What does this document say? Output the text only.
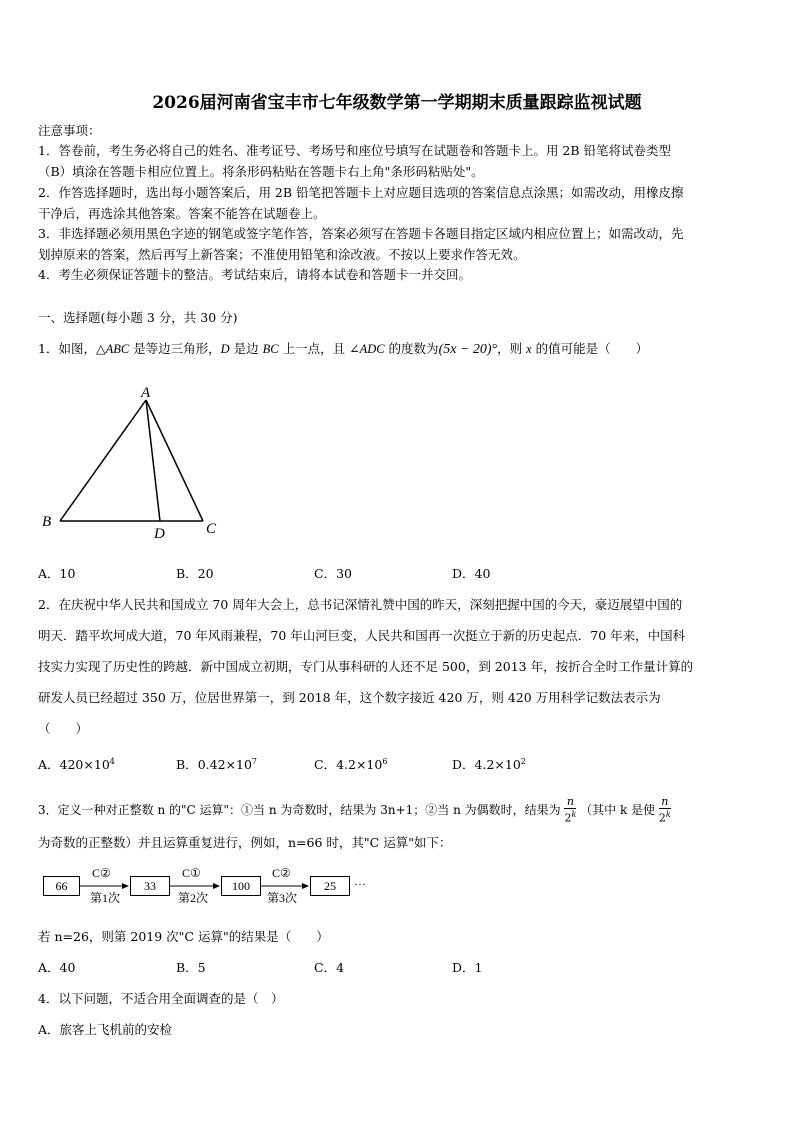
2026届河南省宝丰市七年级数学第一学期期末质量跟踪监视试题
注意事项：
1．答卷前，考生务必将自己的姓名、准考证号、考场号和座位号填写在试题卷和答题卡上。用 2B 铅笔将试卷类型
（B）填涂在答题卡相应位置上。将条形码粘贴在答题卡右上角"条形码粘贴处"。
2．作答选择题时，选出每小题答案后，用 2B 铅笔把答题卡上对应题目选项的答案信息点涂黑；如需改动，用橡皮擦
干净后，再选涂其他答案。答案不能答在试题卷上。
3．非选择题必须用黑色字迹的钢笔或签字笔作答，答案必须写在答题卡各题目指定区域内相应位置上；如需改动，先
划掉原来的答案，然后再写上新答案；不准使用铅笔和涂改液。不按以上要求作答无效。
4．考生必须保证答题卡的整洁。考试结束后，请将本试卷和答题卡一并交回。
一、选择题(每小题 3 分，共 30 分)
1．如图，△ABC 是等边三角形，D 是边 BC 上一点，且 ∠ADC 的度数为(5x − 20)°，则 x 的值可能是（　　）
A
B	C
D
A．10	B．20	C．30	D．40
2．在庆祝中华人民共和国成立 70 周年大会上，总书记深情礼赞中国的昨天，深刻把握中国的今天，豪迈展望中国的
明天．踏平坎坷成大道，70 年风雨兼程，70 年山河巨变，人民共和国再一次挺立于新的历史起点．70 年来，中国科
技实力实现了历史性的跨越．新中国成立初期，专门从事科研的人还不足 500，到 2013 年，按折合全时工作量计算的
研发人员已经超过 350 万，位居世界第一，到 2018 年，这个数字接近 420 万，则 420 万用科学记数法表示为
（　　）
A．$420\times 10^4$	B．$0.42\times 10^7$	C．$4.2\times 10^6$	D．$4.2\times 10^2$
3．定义一种对正整数 n 的"C 运算"：①当 n 为奇数时，结果为 3n+1；②当 n 为偶数时，结果为 $\frac{n}{2^k}$ （其中 k 是使 $\frac{n}{2^k}$
为奇数的正整数）并且运算重复进行，例如，n=66 时，其"C 运算"如下：
66	33	100	25
C②	C①	C②
第1次	第2次	第3次
···
若 n=26，则第 2019 次"C 运算"的结果是（　　）
A．40	B．5	C．4	D．1
4．以下问题，不适合用全面调查的是（　）
A．旅客上飞机前的安检
